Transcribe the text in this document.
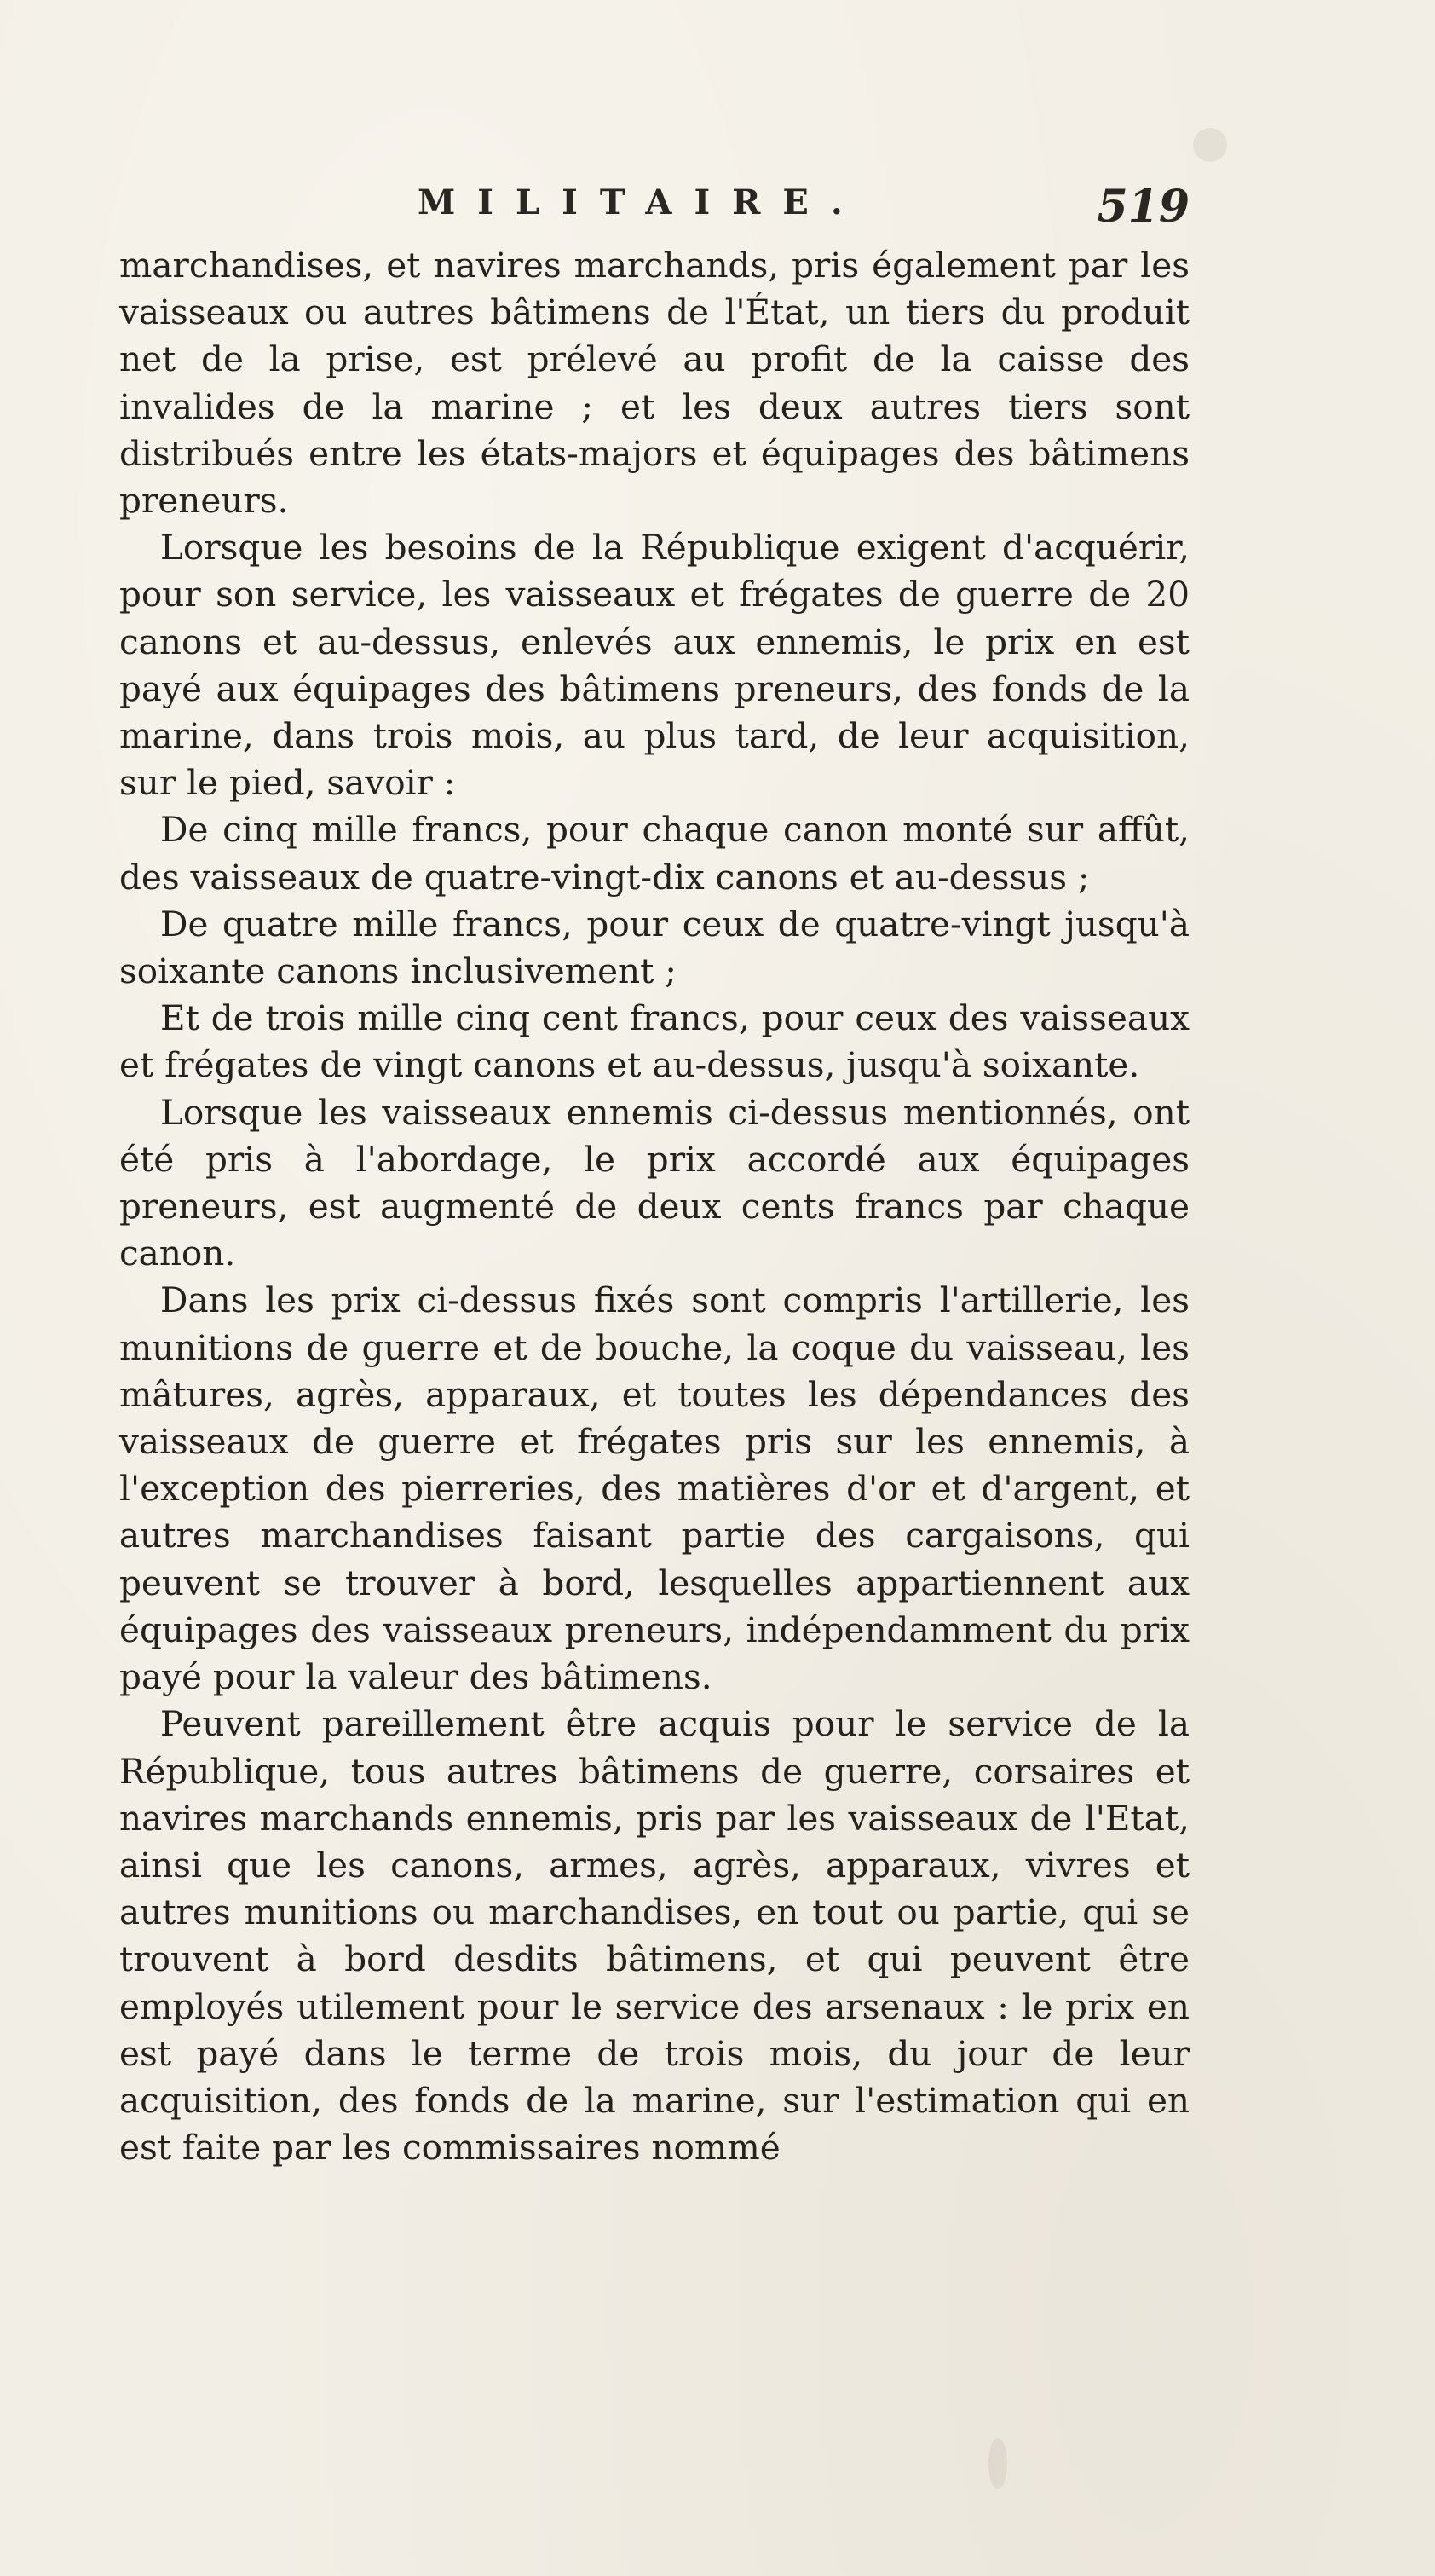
MILITAIRE.	519

marchandises, et navires marchands, pris également par les vaisseaux ou autres bâtimens de l'État, un tiers du produit net de la prise, est prélevé au profit de la caisse des invalides de la marine ; et les deux autres tiers sont distribués entre les états-majors et équipages des bâtimens preneurs.

Lorsque les besoins de la République exigent d'acquérir, pour son service, les vaisseaux et frégates de guerre de 20 canons et au-dessus, enlevés aux ennemis, le prix en est payé aux équipages des bâtimens preneurs, des fonds de la marine, dans trois mois, au plus tard, de leur acquisition, sur le pied, savoir :

De cinq mille francs, pour chaque canon monté sur affût, des vaisseaux de quatre-vingt-dix canons et au-dessus ;

De quatre mille francs, pour ceux de quatre-vingt jusqu'à soixante canons inclusivement ;

Et de trois mille cinq cent francs, pour ceux des vaisseaux et frégates de vingt canons et au-dessus, jusqu'à soixante.

Lorsque les vaisseaux ennemis ci-dessus mentionnés, ont été pris à l'abordage, le prix accordé aux équipages preneurs, est augmenté de deux cents francs par chaque canon.

Dans les prix ci-dessus fixés sont compris l'artillerie, les munitions de guerre et de bouche, la coque du vaisseau, les mâtures, agrès, apparaux, et toutes les dépendances des vaisseaux de guerre et frégates pris sur les ennemis, à l'exception des pierreries, des matières d'or et d'argent, et autres marchandises faisant partie des cargaisons, qui peuvent se trouver à bord, lesquelles appartiennent aux équipages des vaisseaux preneurs, indépendamment du prix payé pour la valeur des bâtimens.

Peuvent pareillement être acquis pour le service de la République, tous autres bâtimens de guerre, corsaires et navires marchands ennemis, pris par les vaisseaux de l'Etat, ainsi que les canons, armes, agrès, apparaux, vivres et autres munitions ou marchandises, en tout ou partie, qui se trouvent à bord desdits bâtimens, et qui peuvent être employés utilement pour le service des arsenaux : le prix en est payé dans le terme de trois mois, du jour de leur acquisition, des fonds de la marine, sur l'estimation qui en est faite par les commissaires nommé
